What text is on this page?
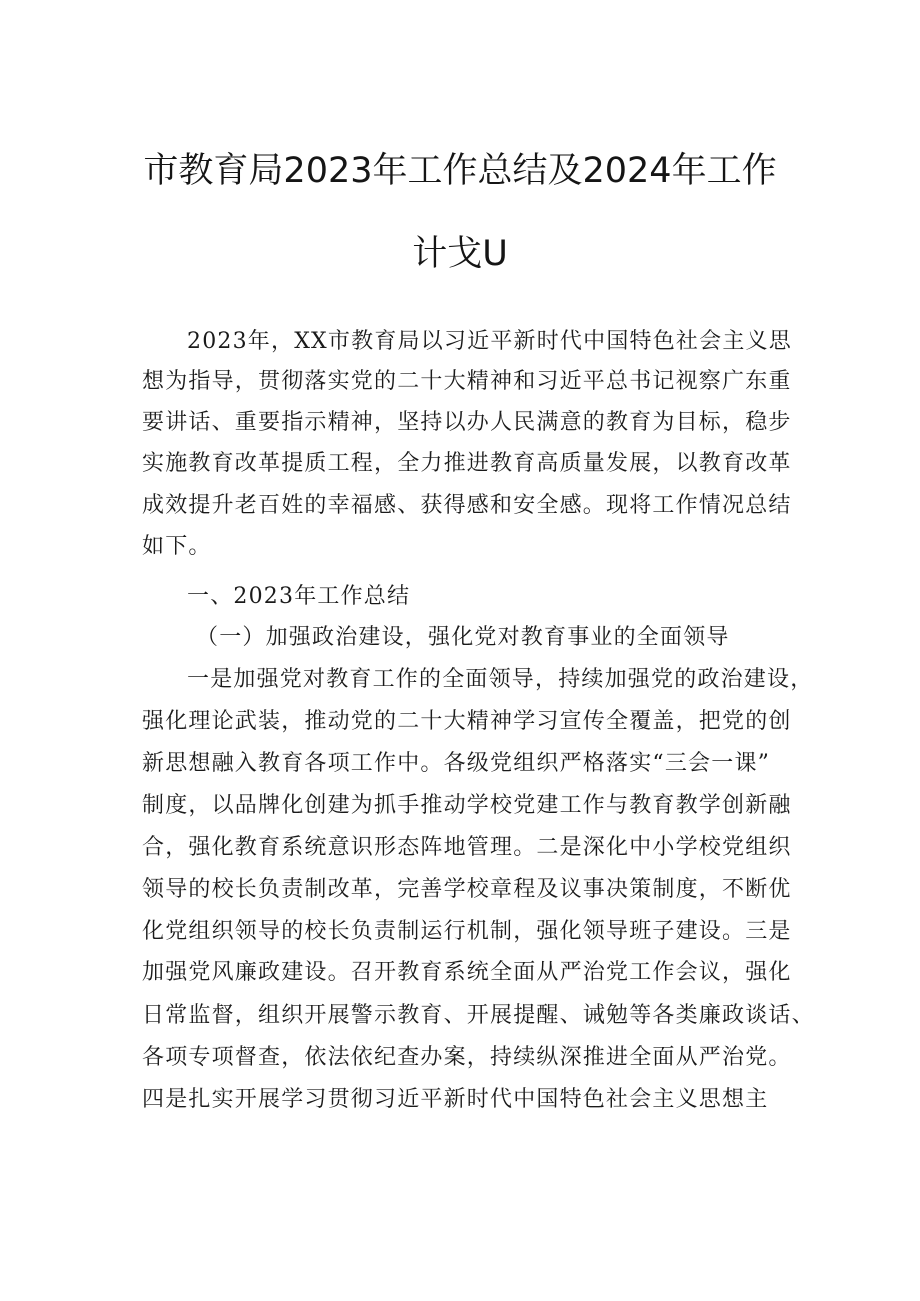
市教育局2023年工作总结及2024年工作
计戈U
2023年，XX市教育局以习近平新时代中国特色社会主义思
想为指导，贯彻落实党的二十大精神和习近平总书记视察广东重
要讲话、重要指示精神，坚持以办人民满意的教育为目标，稳步
实施教育改革提质工程，全力推进教育高质量发展，以教育改革
成效提升老百姓的幸福感、获得感和安全感。现将工作情况总结
如下。
一、2023年工作总结
（一）加强政治建设，强化党对教育事业的全面领导
一是加强党对教育工作的全面领导，持续加强党的政治建设，
强化理论武装，推动党的二十大精神学习宣传全覆盖，把党的创
新思想融入教育各项工作中。各级党组织严格落实“三会一课”
制度，以品牌化创建为抓手推动学校党建工作与教育教学创新融
合，强化教育系统意识形态阵地管理。二是深化中小学校党组织
领导的校长负责制改革，完善学校章程及议事决策制度，不断优
化党组织领导的校长负责制运行机制，强化领导班子建设。三是
加强党风廉政建设。召开教育系统全面从严治党工作会议，强化
日常监督，组织开展警示教育、开展提醒、诫勉等各类廉政谈话、
各项专项督查，依法依纪查办案，持续纵深推进全面从严治党。
四是扎实开展学习贯彻习近平新时代中国特色社会主义思想主
